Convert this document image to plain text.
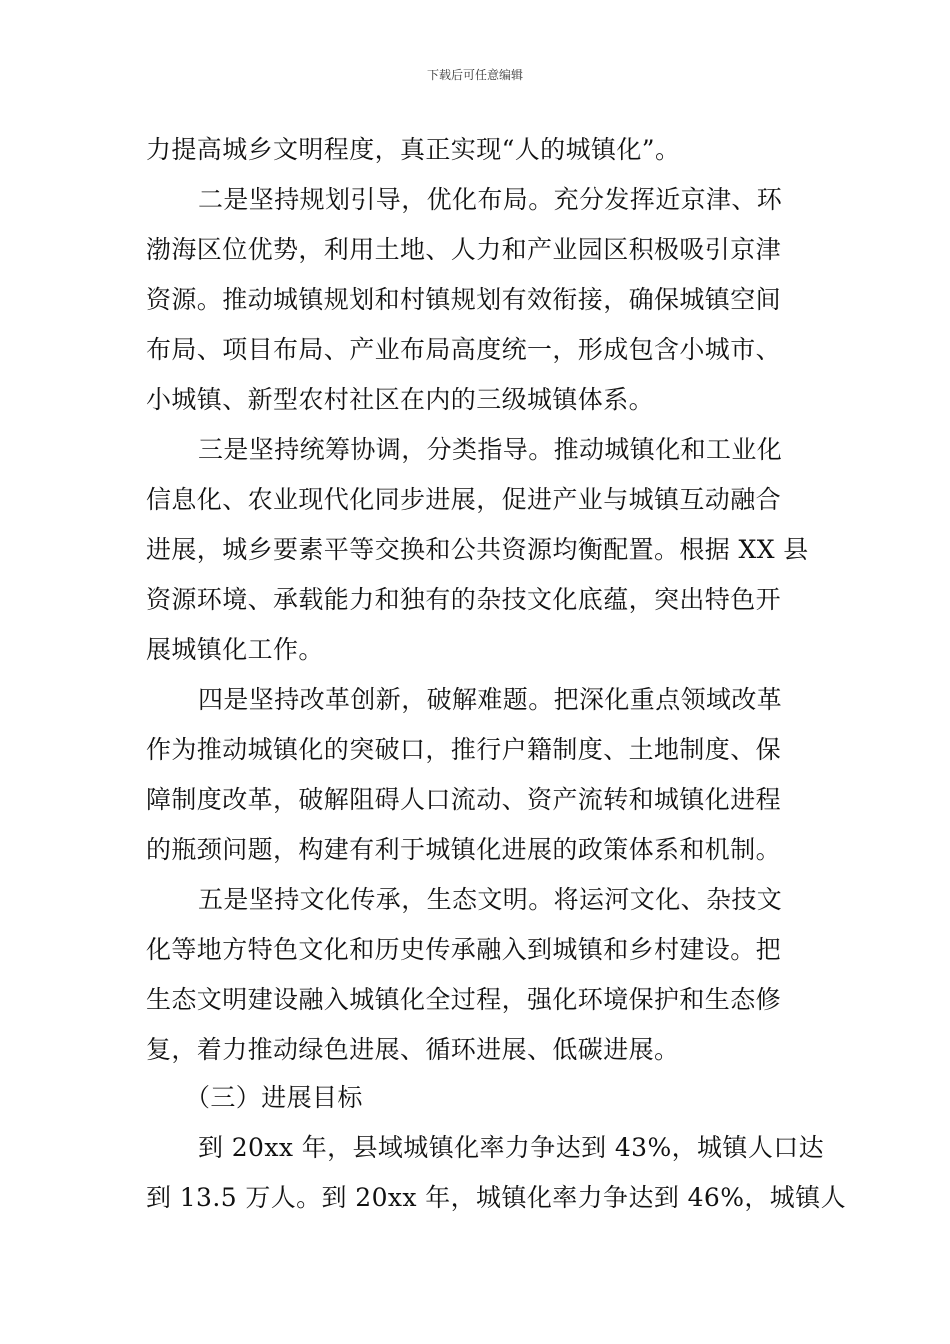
下载后可任意编辑
力提高城乡文明程度，真正实现“人的城镇化”。
二是坚持规划引导，优化布局。充分发挥近京津、环
渤海区位优势，利用土地、人力和产业园区积极吸引京津
资源。推动城镇规划和村镇规划有效衔接，确保城镇空间
布局、项目布局、产业布局高度统一，形成包含小城市、
小城镇、新型农村社区在内的三级城镇体系。
三是坚持统筹协调，分类指导。推动城镇化和工业化
信息化、农业现代化同步进展，促进产业与城镇互动融合
进展，城乡要素平等交换和公共资源均衡配置。根据 XX 县
资源环境、承载能力和独有的杂技文化底蕴，突出特色开
展城镇化工作。
四是坚持改革创新，破解难题。把深化重点领域改革
作为推动城镇化的突破口，推行户籍制度、土地制度、保
障制度改革，破解阻碍人口流动、资产流转和城镇化进程
的瓶颈问题，构建有利于城镇化进展的政策体系和机制。
五是坚持文化传承，生态文明。将运河文化、杂技文
化等地方特色文化和历史传承融入到城镇和乡村建设。把
生态文明建设融入城镇化全过程，强化环境保护和生态修
复，着力推动绿色进展、循环进展、低碳进展。
（三）进展目标
到 20xx 年，县域城镇化率力争达到 43%，城镇人口达
到 13.5 万人。到 20xx 年，城镇化率力争达到 46%，城镇人
